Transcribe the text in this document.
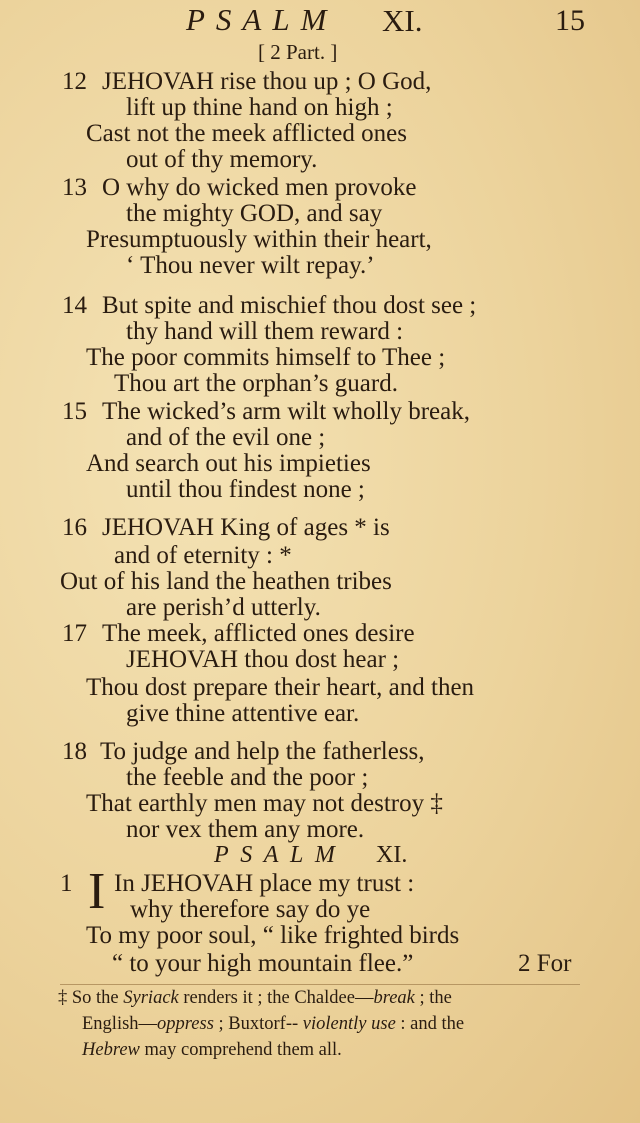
PSALM XI.	15
[ 2 Part. ]
12 JEHOVAH rise thou up ; O God,
lift up thine hand on high ;
Cast not the meek afflicted ones
out of thy memory.
13 O why do wicked men provoke
the mighty GOD, and say
Presumptuously within their heart,
‘ Thou never wilt repay.’
14 But spite and mischief thou dost see ;
thy hand will them reward :
The poor commits himself to Thee ;
Thou art the orphan’s guard.
15 The wicked’s arm wilt wholly break,
and of the evil one ;
And search out his impieties
until thou findest none ;
16 JEHOVAH King of ages * is
and of eternity : *
Out of his land the heathen tribes
are perish’d utterly.
17 The meek, afflicted ones desire
JEHOVAH thou dost hear ;
Thou dost prepare their heart, and then
give thine attentive ear.
18 To judge and help the fatherless,
the feeble and the poor ;
That earthly men may not destroy ‡
nor vex them any more.
P S A L M XI.
1 I In JEHOVAH place my trust :
why therefore say do ye
To my poor soul, “ like frighted birds
“ to your high mountain flee.”	2 For
‡ So the Syriack renders it ; the Chaldee—break ; the
English—oppress ; Buxtorf-- violently use : and the
Hebrew may comprehend them all.
